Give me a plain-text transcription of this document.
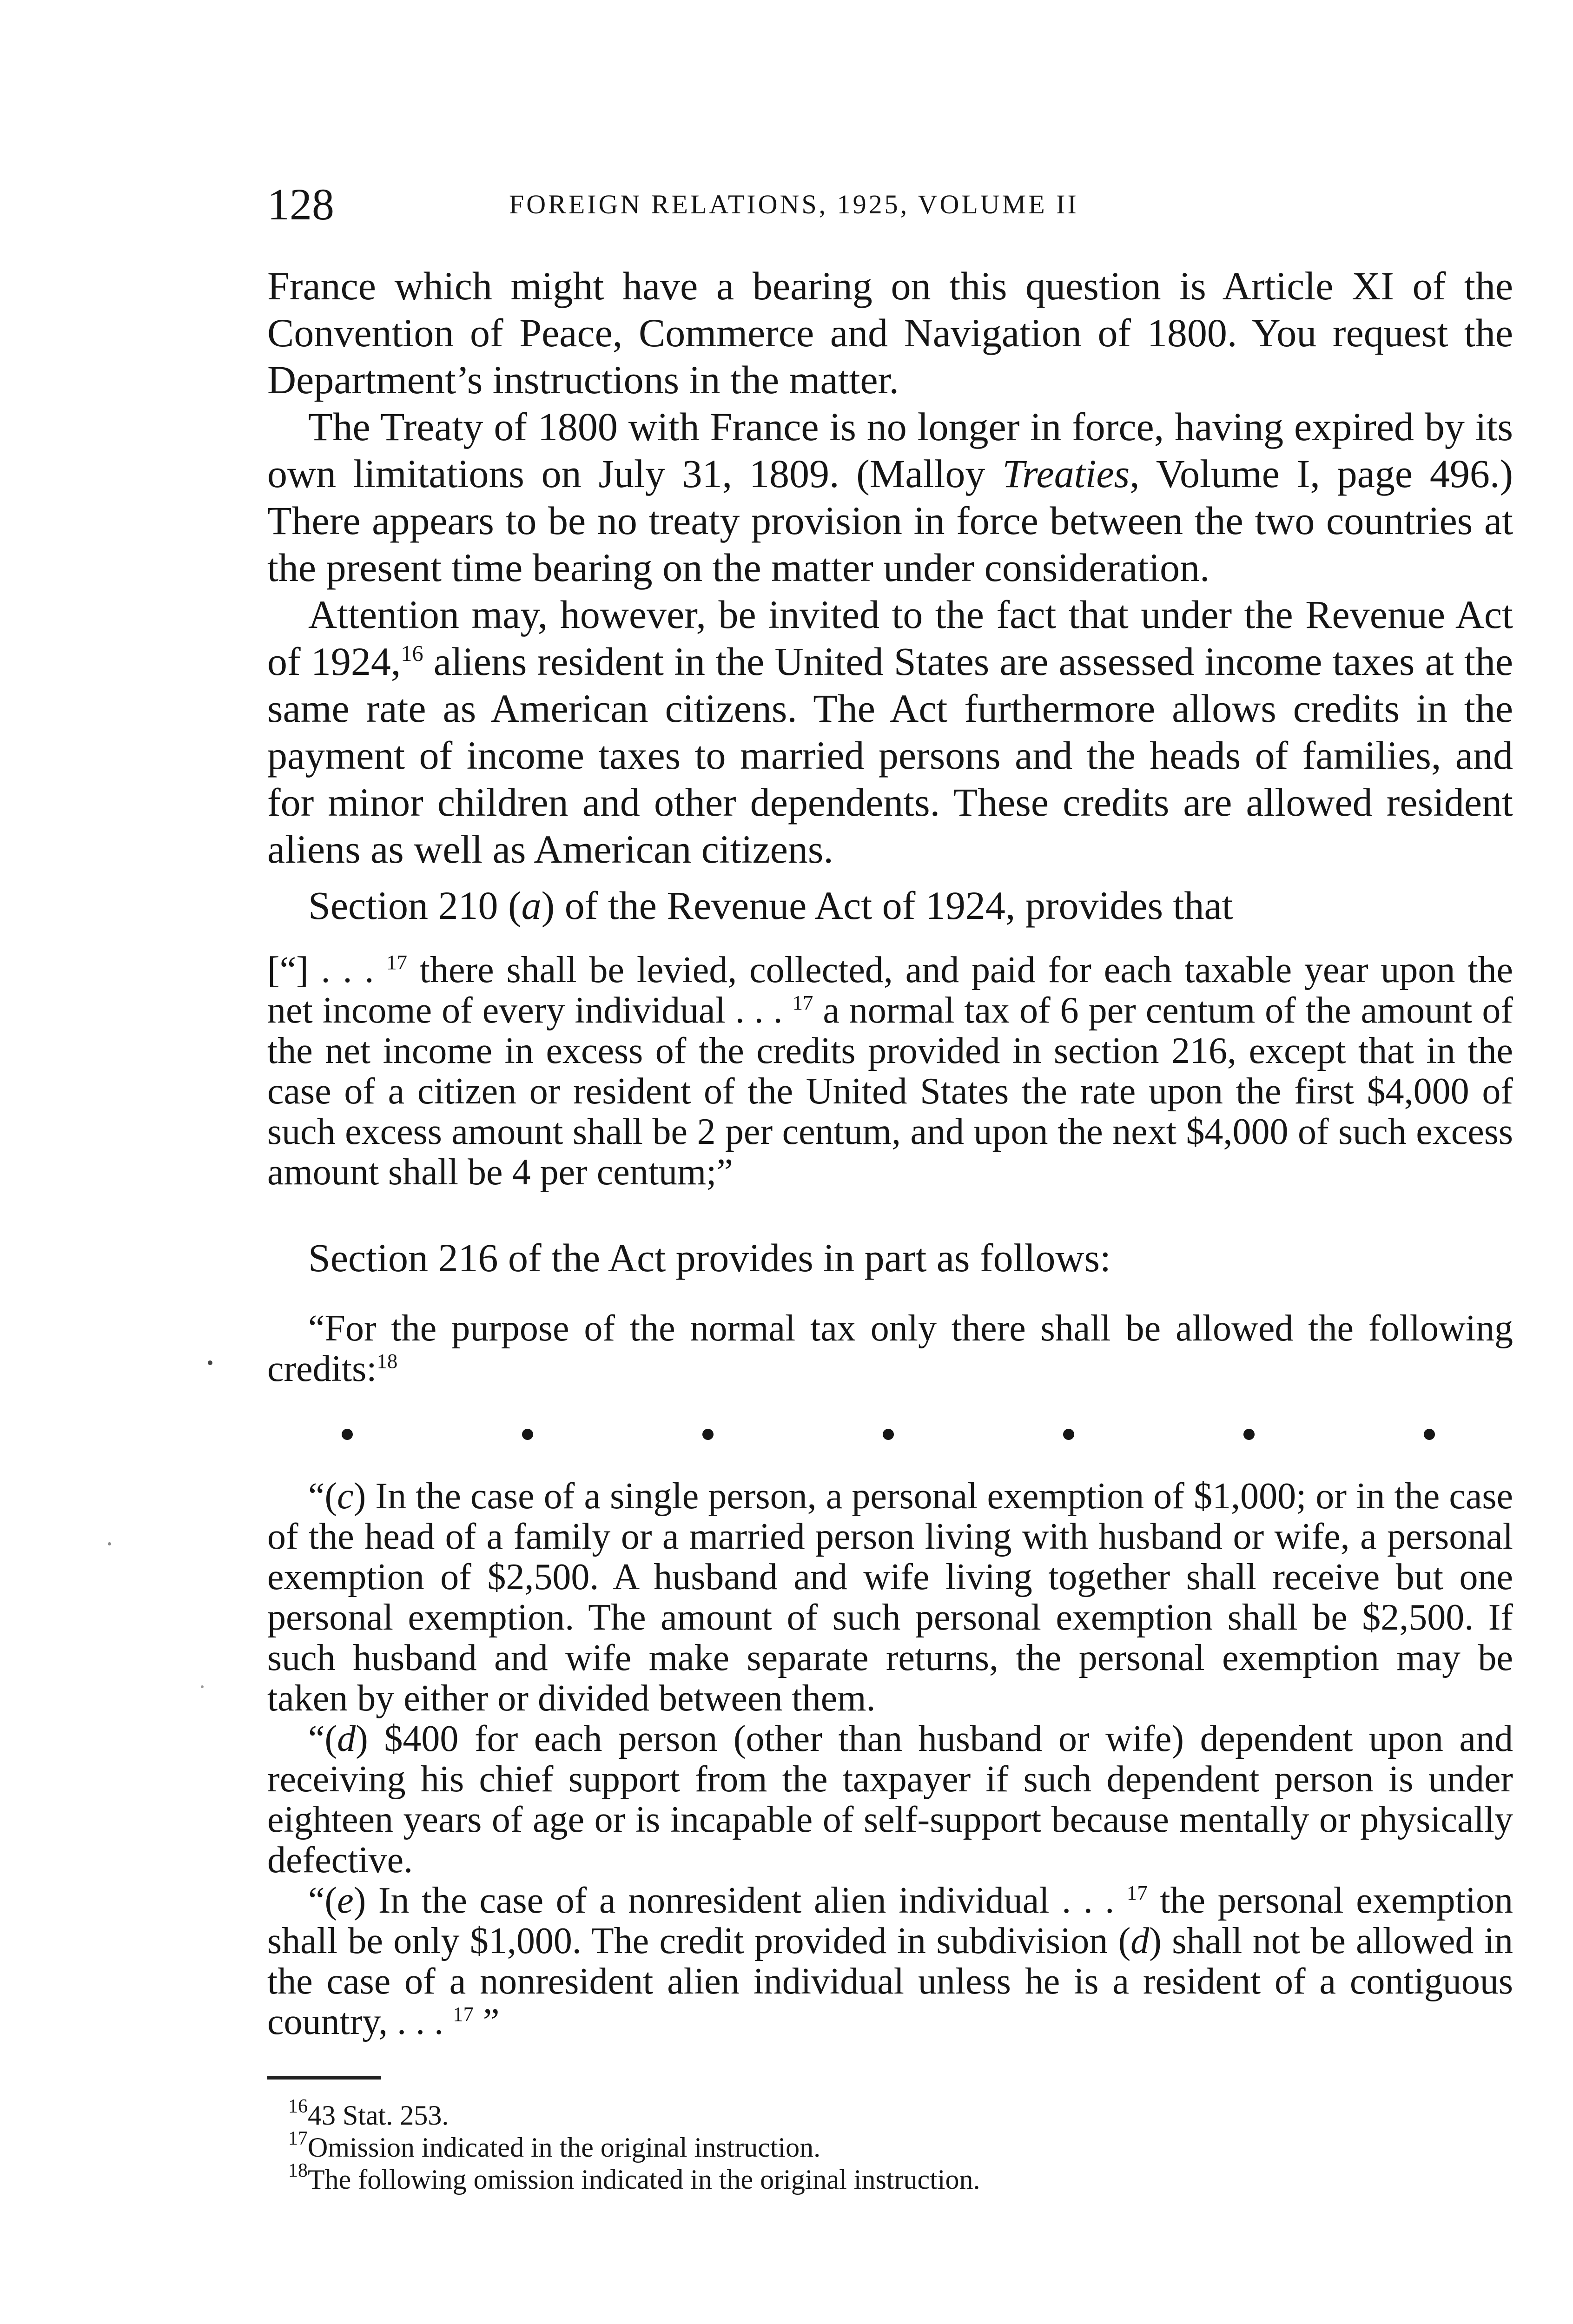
128	FOREIGN RELATIONS, 1925, VOLUME II

France which might have a bearing on this question is Article XI of the Convention of Peace, Commerce and Navigation of 1800. You request the Department’s instructions in the matter.

The Treaty of 1800 with France is no longer in force, having expired by its own limitations on July 31, 1809. (Malloy Treaties, Volume I, page 496.) There appears to be no treaty provision in force between the two countries at the present time bearing on the matter under consideration.

Attention may, however, be invited to the fact that under the Revenue Act of 1924,16 aliens resident in the United States are assessed income taxes at the same rate as American citizens. The Act furthermore allows credits in the payment of income taxes to married persons and the heads of families, and for minor children and other dependents. These credits are allowed resident aliens as well as American citizens.

Section 210 (a) of the Revenue Act of 1924, provides that

[“] . . . $^{17}$ there shall be levied, collected, and paid for each taxable year upon the net income of every individual . . . $^{17}$ a normal tax of 6 per centum of the amount of the net income in excess of the credits provided in section 216, except that in the case of a citizen or resident of the United States the rate upon the first $4,000 of such excess amount shall be 2 per centum, and upon the next $4,000 of such excess amount shall be 4 per centum;”

Section 216 of the Act provides in part as follows:

“For the purpose of the normal tax only there shall be allowed the following credits:$^{18}$

“(c) In the case of a single person, a personal exemption of $1,000; or in the case of the head of a family or a married person living with husband or wife, a personal exemption of $2,500. A husband and wife living together shall receive but one personal exemption. The amount of such personal exemption shall be $2,500. If such husband and wife make separate returns, the personal exemption may be taken by either or divided between them.

“(d) $400 for each person (other than husband or wife) dependent upon and receiving his chief support from the taxpayer if such dependent person is under eighteen years of age or is incapable of self-support because mentally or physically defective.

“(e) In the case of a nonresident alien individual . . . $^{17}$ the personal exemption shall be only $1,000. The credit provided in subdivision (d) shall not be allowed in the case of a nonresident alien individual unless he is a resident of a contiguous country, . . . $^{17}$ ”

$^{16}$43 Stat. 253.

$^{17}$Omission indicated in the original instruction.

$^{18}$The following omission indicated in the original instruction.
